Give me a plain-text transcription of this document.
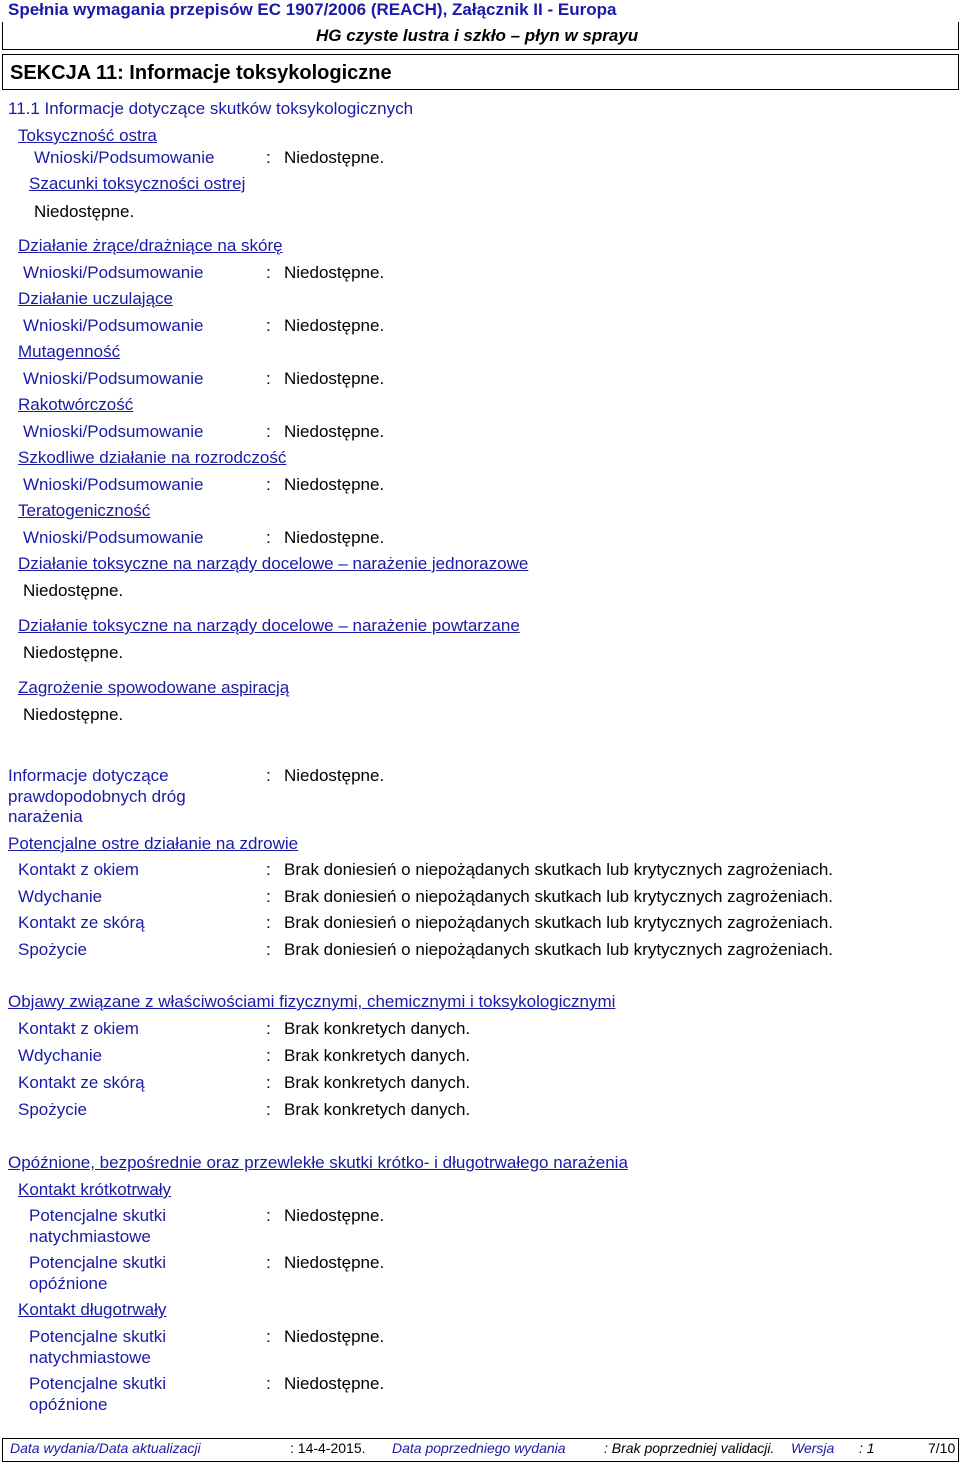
Spełnia wymagania przepisów EC 1907/2006 (REACH), Załącznik II - Europa
HG czyste lustra i szkło – płyn w sprayu
SEKCJA 11: Informacje toksykologiczne
11.1 Informacje dotyczące skutków toksykologicznych
Toksyczność ostra
Wnioski/Podsumowanie	: Niedostępne.
Szacunki toksyczności ostrej
Niedostępne.
Działanie żrące/drażniące na skórę
Wnioski/Podsumowanie	: Niedostępne.
Działanie uczulające
Wnioski/Podsumowanie	: Niedostępne.
Mutagenność
Wnioski/Podsumowanie	: Niedostępne.
Rakotwórczość
Wnioski/Podsumowanie	: Niedostępne.
Szkodliwe działanie na rozrodczość
Wnioski/Podsumowanie	: Niedostępne.
Teratogeniczność
Wnioski/Podsumowanie	: Niedostępne.
Działanie toksyczne na narządy docelowe – narażenie jednorazowe
Niedostępne.
Działanie toksyczne na narządy docelowe – narażenie powtarzane
Niedostępne.
Zagrożenie spowodowane aspiracją
Niedostępne.
Informacje dotyczące prawdopodobnych dróg narażenia
: Niedostępne.
Potencjalne ostre działanie na zdrowie
Kontakt z okiem	: Brak doniesień o niepożądanych skutkach lub krytycznych zagrożeniach.
Wdychanie	: Brak doniesień o niepożądanych skutkach lub krytycznych zagrożeniach.
Kontakt ze skórą	: Brak doniesień o niepożądanych skutkach lub krytycznych zagrożeniach.
Spożycie	: Brak doniesień o niepożądanych skutkach lub krytycznych zagrożeniach.
Objawy związane z właściwościami fizycznymi, chemicznymi i toksykologicznymi
Kontakt z okiem	: Brak konkretych danych.
Wdychanie	: Brak konkretych danych.
Kontakt ze skórą	: Brak konkretych danych.
Spożycie	: Brak konkretych danych.
Opóźnione, bezpośrednie oraz przewlekłe skutki krótko- i długotrwałego narażenia
Kontakt krótkotrwały
Potencjalne skutki natychmiastowe
: Niedostępne.
Potencjalne skutki opóźnione
: Niedostępne.
Kontakt długotrwały
Potencjalne skutki natychmiastowe
: Niedostępne.
Potencjalne skutki opóźnione
: Niedostępne.
Data wydania/Data aktualizacji	: 14-4-2015. Data poprzedniego wydania	: Brak poprzedniej validacji. Wersja : 1	7/10
